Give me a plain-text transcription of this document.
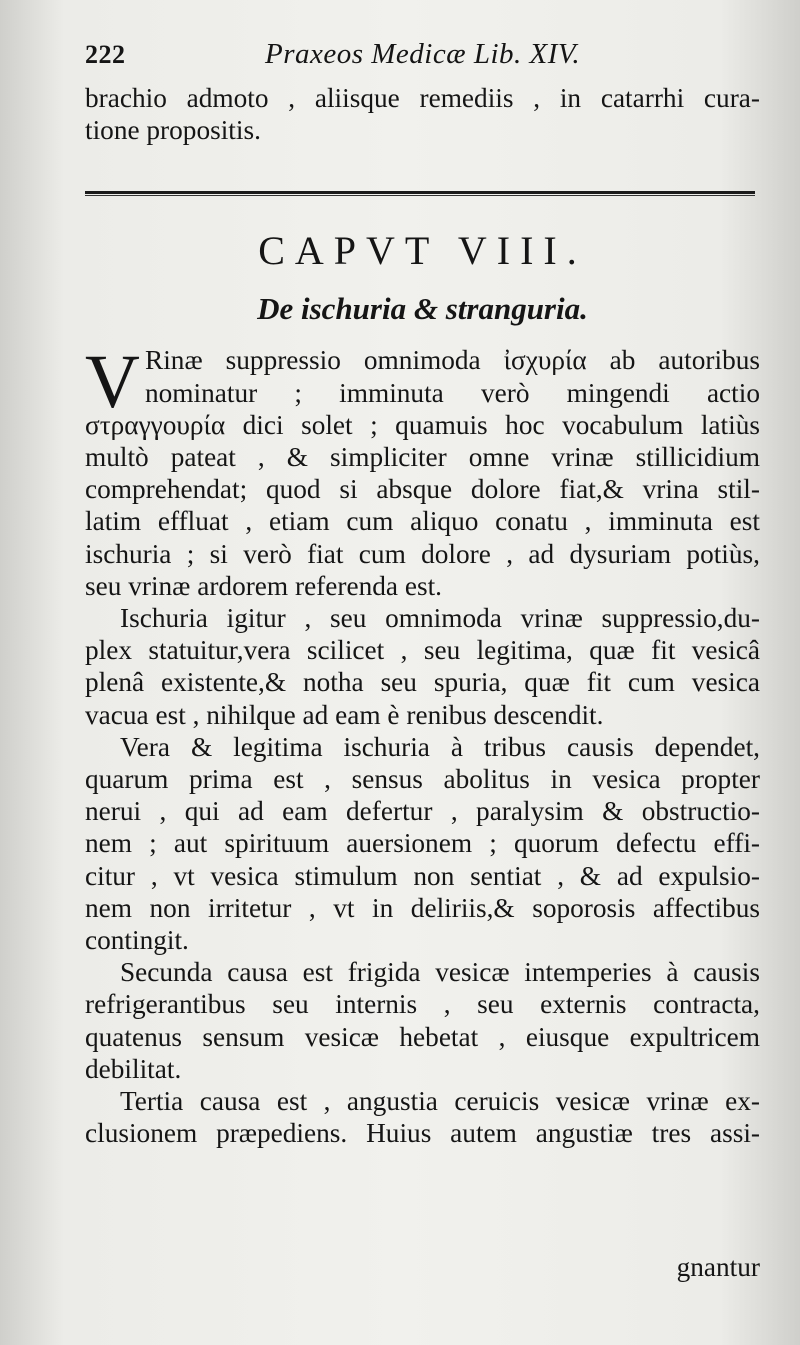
222	Praxeos Medicæ Lib. XIV.
brachio admoto , aliisque remediis , in catarrhi cura-
tione propositis.
CAPVT VIII.
De ischuria & stranguria.
V Rinæ suppressio omnimoda ἰσχυρία ab autoribus
nominatur ; imminuta verò mingendi actio
στραγγουρία dici solet ; quamuis hoc vocabulum latiùs
multò pateat , & simpliciter omne vrinæ stillicidium
comprehendat; quod si absque dolore fiat,& vrina stil-
latim effluat , etiam cum aliquo conatu , imminuta est
ischuria ; si verò fiat cum dolore , ad dysuriam potiùs,
seu vrinæ ardorem referenda est.
Ischuria igitur , seu omnimoda vrinæ suppressio,du-
plex statuitur,vera scilicet , seu legitima, quæ fit vesicâ
plenâ existente,& notha seu spuria, quæ fit cum vesica
vacua est , nihilque ad eam è renibus descendit.
Vera & legitima ischuria à tribus causis dependet,
quarum prima est , sensus abolitus in vesica propter
nerui , qui ad eam defertur , paralysim & obstructio-
nem ; aut spirituum auersionem ; quorum defectu effi-
citur , vt vesica stimulum non sentiat , & ad expulsio-
nem non irritetur , vt in deliriis,& soporosis affectibus
contingit.
Secunda causa est frigida vesicæ intemperies à causis
refrigerantibus seu internis , seu externis contracta,
quatenus sensum vesicæ hebetat , eiusque expultricem
debilitat.
Tertia causa est , angustia ceruicis vesicæ vrinæ ex-
clusionem præpediens. Huius autem angustiæ tres assi-
gnantur
